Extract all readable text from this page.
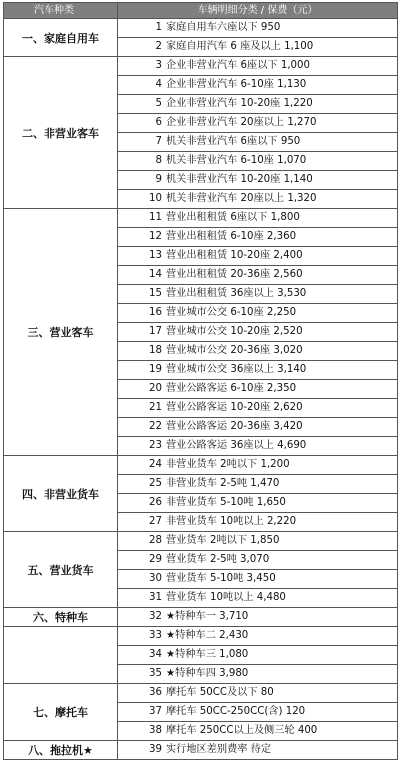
汽车种类	车辆明细分类 / 保费（元）
一、家庭自用车	1 家庭自用车六座以下 950
	2 家庭自用汽车 6 座及以上 1,100
二、非营业客车	3 企业非营业汽车 6座以下 1,000
	4 企业非营业汽车 6-10座 1,130
	5 企业非营业汽车 10-20座 1,220
	6 企业非营业汽车 20座以上 1,270
	7 机关非营业汽车 6座以下 950
	8 机关非营业汽车 6-10座 1,070
	9 机关非营业汽车 10-20座 1,140
	10 机关非营业汽车 20座以上 1,320
三、营业客车	11 营业出租租赁 6座以下 1,800
	12 营业出租租赁 6-10座 2,360
	13 营业出租租赁 10-20座 2,400
	14 营业出租租赁 20-36座 2,560
	15 营业出租租赁 36座以上 3,530
	16 营业城市公交 6-10座 2,250
	17 营业城市公交 10-20座 2,520
	18 营业城市公交 20-36座 3,020
	19 营业城市公交 36座以上 3,140
	20 营业公路客运 6-10座 2,350
	21 营业公路客运 10-20座 2,620
	22 营业公路客运 20-36座 3,420
	23 营业公路客运 36座以上 4,690
四、非营业货车	24 非营业货车 2吨以下 1,200
	25 非营业货车 2-5吨 1,470
	26 非营业货车 5-10吨 1,650
	27 非营业货车 10吨以上 2,220
五、营业货车	28 营业货车 2吨以下 1,850
	29 营业货车 2-5吨 3,070
	30 营业货车 5-10吨 3,450
	31 营业货车 10吨以上 4,480
六、特种车	32 ★特种车一 3,710
	33 ★特种车二 2,430
	34 ★特种车三 1,080
	35 ★特种车四 3,980
七、摩托车	36 摩托车 50CC及以下 80
	37 摩托车 50CC-250CC(含) 120
	38 摩托车 250CC以上及侧三轮 400
八、拖拉机★	39 实行地区差别费率 待定
